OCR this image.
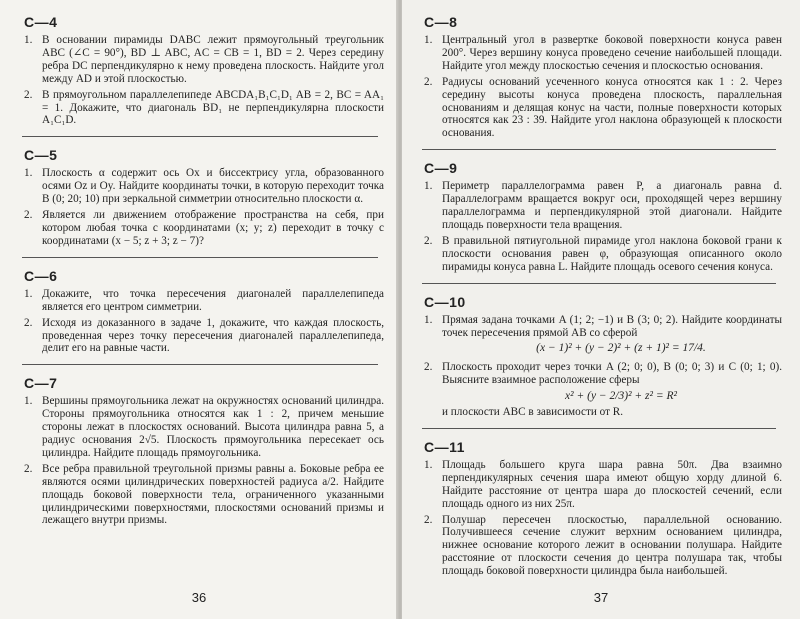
С—4
1. В основании пирамиды DABC лежит прямоугольный треугольник ABC (∠C = 90°), BD ⊥ ABC, AC = CB = 1, BD = 2. Через середину ребра DC перпендикулярно к нему проведена плоскость. Найдите угол между AD и этой плоскостью.
2. В прямоугольном параллелепипеде ABCDA₁B₁C₁D₁ AB = 2, BC = AA₁ = 1. Докажите, что диагональ BD₁ не перпендикулярна плоскости A₁C₁D.
С—5
1. Плоскость α содержит ось Ox и биссектрису угла, образованного осями Oz и Oy. Найдите координаты точки, в которую переходит точка B (0; 20; 10) при зеркальной симметрии относительно плоскости α.
2. Является ли движением отображение пространства на себя, при котором любая точка с координатами (x; y; z) переходит в точку с координатами (x − 5; z + 3; z − 7)?
С—6
1. Докажите, что точка пересечения диагоналей параллелепипеда является его центром симметрии.
2. Исходя из доказанного в задаче 1, докажите, что каждая плоскость, проведенная через точку пересечения диагоналей параллелепипеда, делит его на равные части.
С—7
1. Вершины прямоугольника лежат на окружностях оснований цилиндра. Стороны прямоугольника относятся как 1 : 2, причем меньшие стороны лежат в плоскостях оснований. Высота цилиндра равна 5, а радиус основания 2√5. Плоскость прямоугольника пересекает ось цилиндра. Найдите площадь прямоугольника.
2. Все ребра правильной треугольной призмы равны a. Боковые ребра ее являются осями цилиндрических поверхностей радиуса a/2. Найдите площадь боковой поверхности тела, ограниченного указанными цилиндрическими поверхностями, плоскостями оснований призмы и лежащего внутри призмы.
36
С—8
1. Центральный угол в развертке боковой поверхности конуса равен 200°. Через вершину конуса проведено сечение наибольшей площади. Найдите угол между плоскостью сечения и плоскостью основания.
2. Радиусы оснований усеченного конуса относятся как 1 : 2. Через середину высоты конуса проведена плоскость, параллельная основаниям и делящая конус на части, полные поверхности которых относятся как 23 : 39. Найдите угол наклона образующей к плоскости основания.
С—9
1. Периметр параллелограмма равен P, а диагональ равна d. Параллелограмм вращается вокруг оси, проходящей через вершину параллелограмма и перпендикулярной этой диагонали. Найдите площадь поверхности тела вращения.
2. В правильной пятиугольной пирамиде угол наклона боковой грани к плоскости основания равен φ, образующая описанного около пирамиды конуса равна L. Найдите площадь осевого сечения конуса.
С—10
1. Прямая задана точками A (1; 2; −1) и B (3; 0; 2). Найдите координаты точек пересечения прямой AB со сферой
(x − 1)² + (y − 2)² + (z + 1)² = 17/4.
2. Плоскость проходит через точки A (2; 0; 0), B (0; 0; 3) и C (0; 1; 0). Выясните взаимное расположение сферы
x² + (y − 2/3)² + z² = R²
и плоскости ABC в зависимости от R.
С—11
1. Площадь большего круга шара равна 50π. Два взаимно перпендикулярных сечения шара имеют общую хорду длиной 6. Найдите расстояние от центра шара до плоскостей сечений, если площадь одного из них 25π.
2. Полушар пересечен плоскостью, параллельной основанию. Получившееся сечение служит верхним основанием цилиндра, нижнее основание которого лежит в основании полушара. Найдите расстояние от плоскости сечения до центра полушара так, чтобы площадь боковой поверхности цилиндра была наибольшей.
37
